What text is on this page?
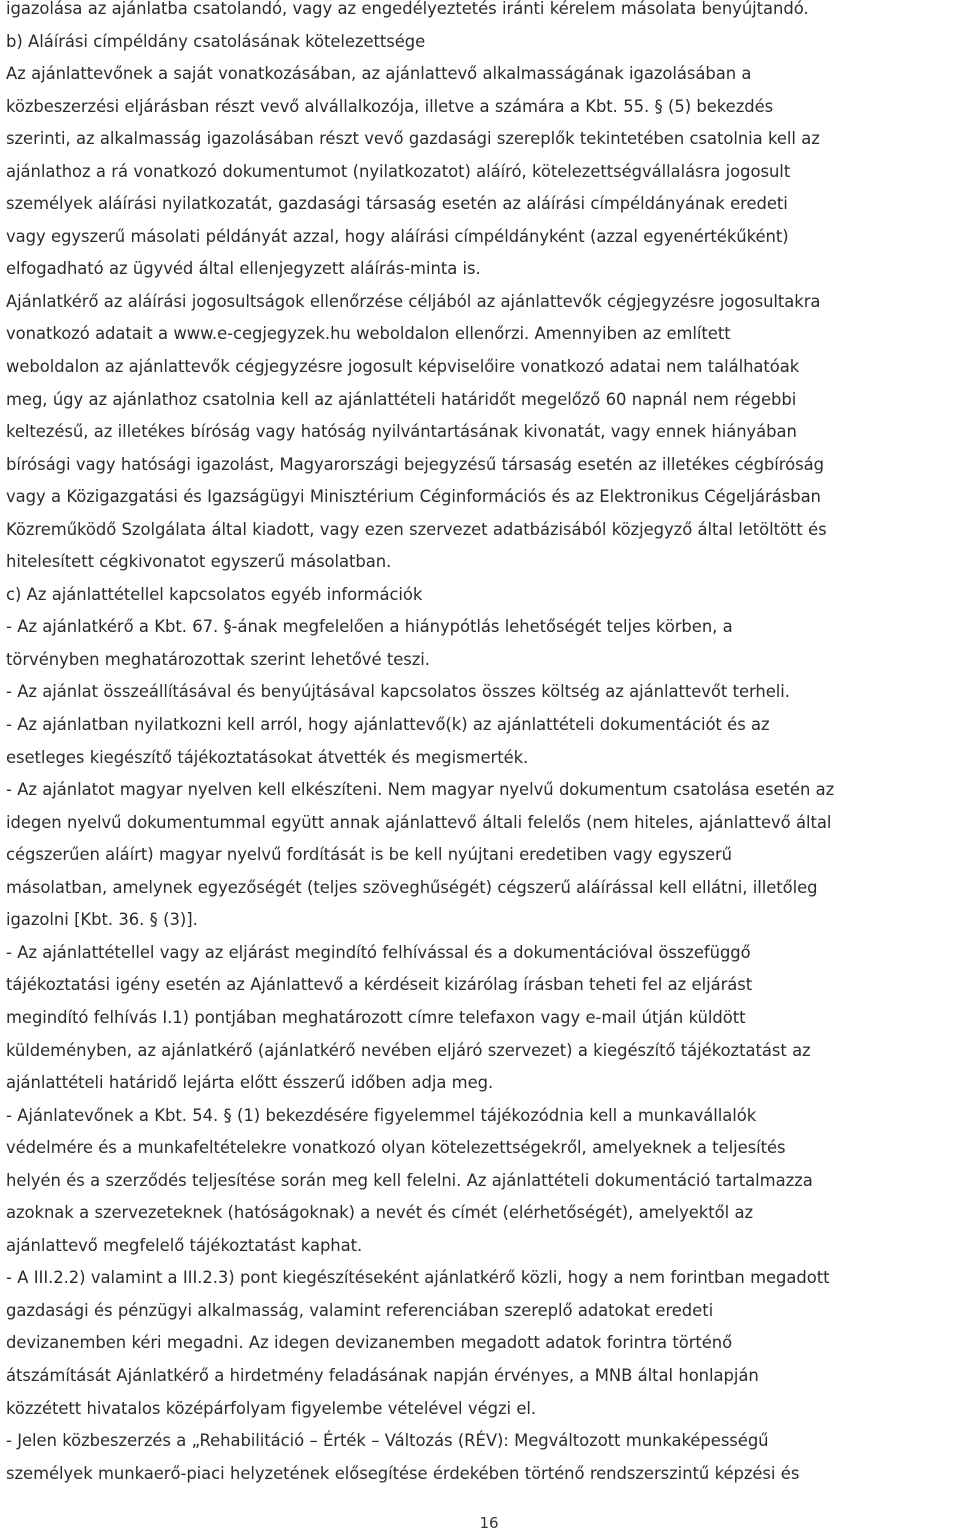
igazolása az ajánlatba csatolandó, vagy az engedélyeztetés iránti kérelem másolata benyújtandó.
b) Aláírási címpéldány csatolásának kötelezettsége
Az ajánlattevőnek a saját vonatkozásában, az ajánlattevő alkalmasságának igazolásában a
közbeszerzési eljárásban részt vevő alvállalkozója, illetve a számára a Kbt. 55. § (5) bekezdés
szerinti, az alkalmasság igazolásában részt vevő gazdasági szereplők tekintetében csatolnia kell az
ajánlathoz a rá vonatkozó dokumentumot (nyilatkozatot) aláíró, kötelezettségvállalásra jogosult
személyek aláírási nyilatkozatát, gazdasági társaság esetén az aláírási címpéldányának eredeti
vagy egyszerű másolati példányát azzal, hogy aláírási címpéldányként (azzal egyenértékűként)
elfogadható az ügyvéd által ellenjegyzett aláírás-minta is.
Ajánlatkérő az aláírási jogosultságok ellenőrzése céljából az ajánlattevők cégjegyzésre jogosultakra
vonatkozó adatait a www.e-cegjegyzek.hu weboldalon ellenőrzi. Amennyiben az említett
weboldalon az ajánlattevők cégjegyzésre jogosult képviselőire vonatkozó adatai nem találhatóak
meg, úgy az ajánlathoz csatolnia kell az ajánlattételi határidőt megelőző 60 napnál nem régebbi
keltezésű, az illetékes bíróság vagy hatóság nyilvántartásának kivonatát, vagy ennek hiányában
bírósági vagy hatósági igazolást, Magyarországi bejegyzésű társaság esetén az illetékes cégbíróság
vagy a Közigazgatási és Igazságügyi Minisztérium Céginformációs és az Elektronikus Cégeljárásban
Közreműködő Szolgálata által kiadott, vagy ezen szervezet adatbázisából közjegyző által letöltött és
hitelesített cégkivonatot egyszerű másolatban.
c) Az ajánlattétellel kapcsolatos egyéb információk
- Az ajánlatkérő a Kbt. 67. §-ának megfelelően a hiánypótlás lehetőségét teljes körben, a
törvényben meghatározottak szerint lehetővé teszi.
- Az ajánlat összeállításával és benyújtásával kapcsolatos összes költség az ajánlattevőt terheli.
- Az ajánlatban nyilatkozni kell arról, hogy ajánlattevő(k) az ajánlattételi dokumentációt és az
esetleges kiegészítő tájékoztatásokat átvették és megismerték.
- Az ajánlatot magyar nyelven kell elkészíteni. Nem magyar nyelvű dokumentum csatolása esetén az
idegen nyelvű dokumentummal együtt annak ajánlattevő általi felelős (nem hiteles, ajánlattevő által
cégszerűen aláírt) magyar nyelvű fordítását is be kell nyújtani eredetiben vagy egyszerű
másolatban, amelynek egyezőségét (teljes szöveghűségét) cégszerű aláírással kell ellátni, illetőleg
igazolni [Kbt. 36. § (3)].
- Az ajánlattétellel vagy az eljárást megindító felhívással és a dokumentációval összefüggő
tájékoztatási igény esetén az Ajánlattevő a kérdéseit kizárólag írásban teheti fel az eljárást
megindító felhívás I.1) pontjában meghatározott címre telefaxon vagy e-mail útján küldött
küldeményben, az ajánlatkérő (ajánlatkérő nevében eljáró szervezet) a kiegészítő tájékoztatást az
ajánlattételi határidő lejárta előtt ésszerű időben adja meg.
- Ajánlatevőnek a Kbt. 54. § (1) bekezdésére figyelemmel tájékozódnia kell a munkavállalók
védelmére és a munkafeltételekre vonatkozó olyan kötelezettségekről, amelyeknek a teljesítés
helyén és a szerződés teljesítése során meg kell felelni. Az ajánlattételi dokumentáció tartalmazza
azoknak a szervezeteknek (hatóságoknak) a nevét és címét (elérhetőségét), amelyektől az
ajánlattevő megfelelő tájékoztatást kaphat.
- A III.2.2) valamint a III.2.3) pont kiegészítéseként ajánlatkérő közli, hogy a nem forintban megadott
gazdasági és pénzügyi alkalmasság, valamint referenciában szereplő adatokat eredeti
devizanemben kéri megadni. Az idegen devizanemben megadott adatok forintra történő
átszámítását Ajánlatkérő a hirdetmény feladásának napján érvényes, a MNB által honlapján
közzétett hivatalos középárfolyam figyelembe vételével végzi el.
- Jelen közbeszerzés a „Rehabilitáció – Érték – Változás (RÉV): Megváltozott munkaképességű
személyek munkaerő-piaci helyzetének elősegítése érdekében történő rendszerszintű képzési és
16
